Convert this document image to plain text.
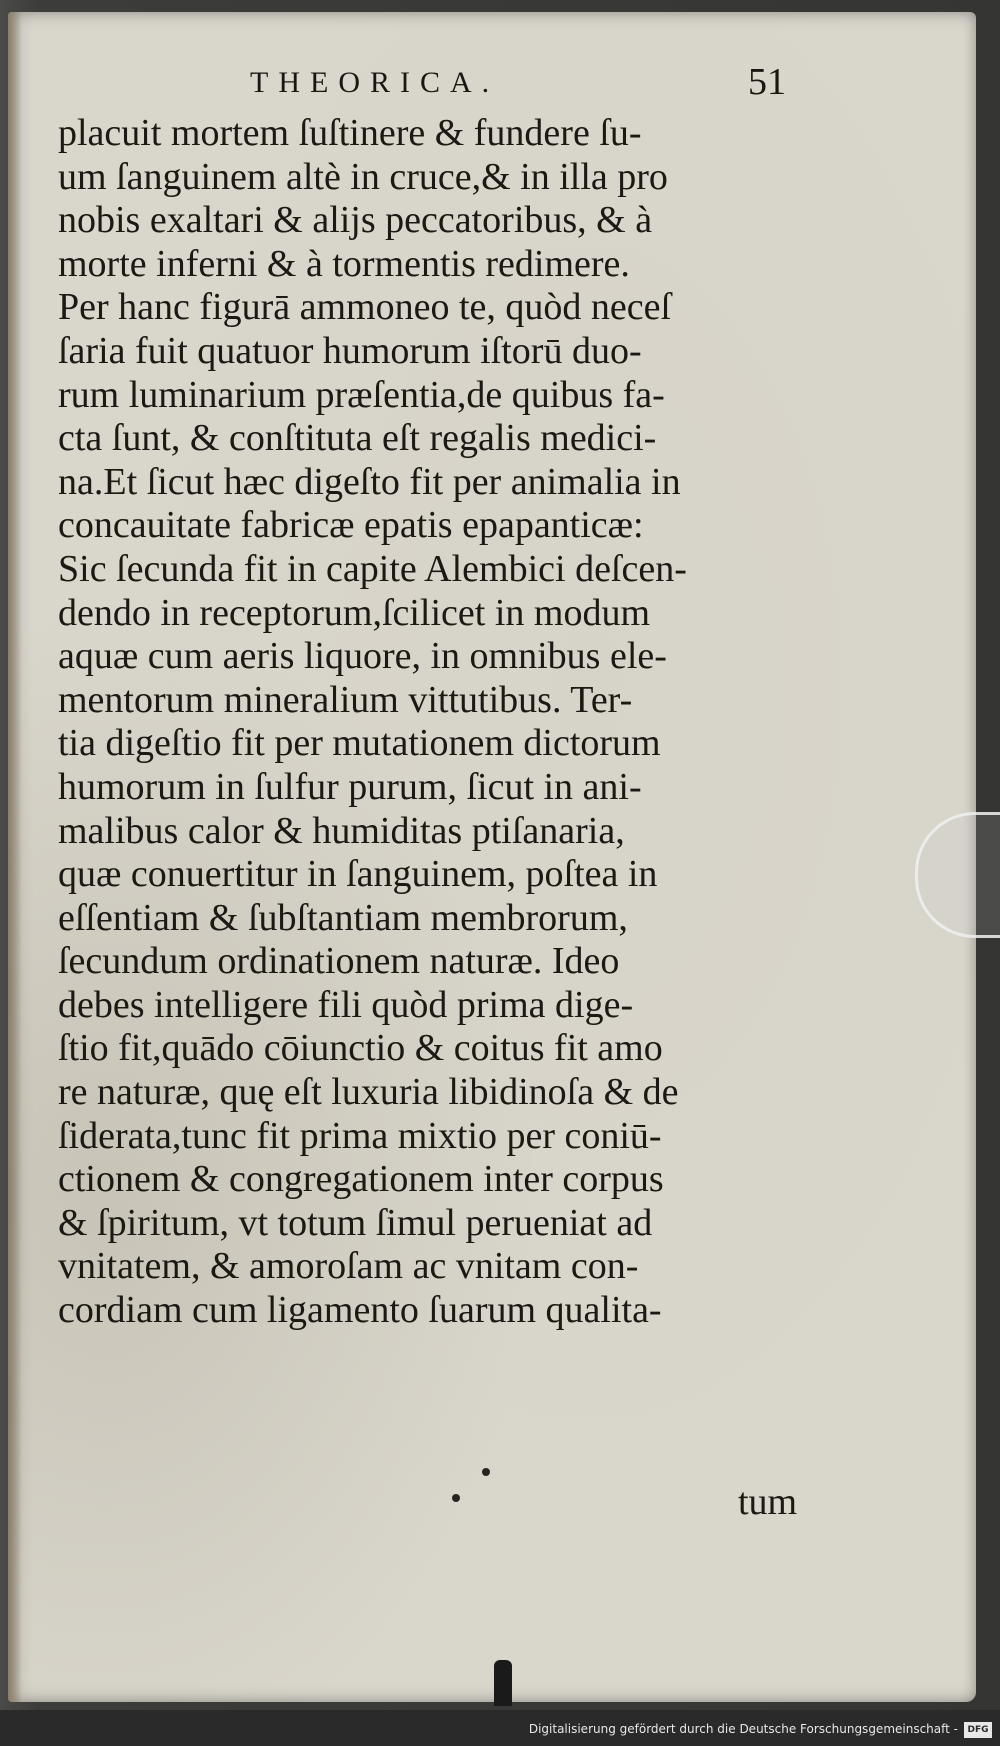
THEORICA.	51
placuit mortem ſuſtinere & fundere ſu-
um ſanguinem altè in cruce,& in illa pro
nobis exaltari & alijs peccatoribus, & à
morte inferni & à tormentis redimere.
Per hanc figurā ammoneo te, quòd neceſ
ſaria fuit quatuor humorum iſtorū duo-
rum luminarium præſentia,de quibus fa-
cta ſunt, & conſtituta eſt regalis medici-
na.Et ſicut hæc digeſto fit per animalia in
concauitate fabricæ epatis epapanticæ:
Sic ſecunda fit in capite Alembici deſcen-
dendo in receptorum,ſcilicet in modum
aquæ cum aeris liquore, in omnibus ele-
mentorum mineralium vittutibus. Ter-
tia digeſtio fit per mutationem dictorum
humorum in ſulfur purum, ſicut in ani-
malibus calor & humiditas ptiſanaria,
quæ conuertitur in ſanguinem, poſtea in
eſſentiam & ſubſtantiam membrorum,
ſecundum ordinationem naturæ. Ideo
debes intelligere fili quòd prima dige-
ſtio fit,quādo cōiunctio & coitus fit amo
re naturæ, quę eſt luxuria libidinoſa & de
ſiderata,tunc fit prima mixtio per coniū-
ctionem & congregationem inter corpus
& ſpiritum, vt totum ſimul perueniat ad
vnitatem, & amoroſam ac vnitam con-
cordiam cum ligamento ſuarum qualita-
tum
Digitalisierung gefördert durch die Deutsche Forschungsgemeinschaft -	DFG
